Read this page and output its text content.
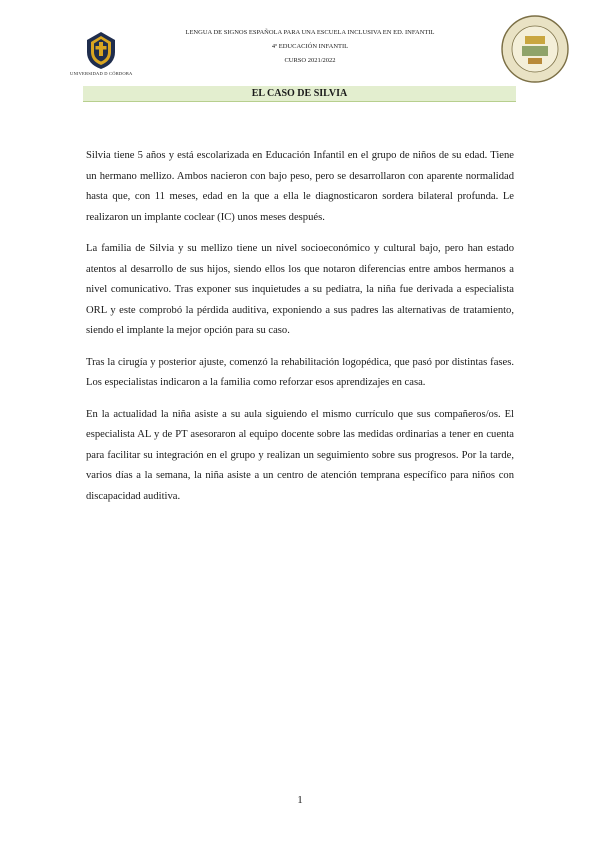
UNIVERSIDAD D CÓRDOBA
LENGUA DE SIGNOS ESPAÑOLA PARA UNA ESCUELA INCLUSIVA EN ED. INFANTIL
4º EDUCACIÓN INFANTIL
CURSO 2021/2022
EL CASO DE SILVIA

Silvia tiene 5 años y está escolarizada en Educación Infantil en el grupo de niños de su edad. Tiene un hermano mellizo. Ambos nacieron con bajo peso, pero se desarrollaron con aparente normalidad hasta que, con 11 meses, edad en la que a ella le diagnosticaron sordera bilateral profunda. Le realizaron un implante coclear (IC) unos meses después.

La familia de Silvia y su mellizo tiene un nivel socioeconómico y cultural bajo, pero han estado atentos al desarrollo de sus hijos, siendo ellos los que notaron diferencias entre ambos hermanos a nivel comunicativo. Tras exponer sus inquietudes a su pediatra, la niña fue derivada a especialista ORL y este comprobó la pérdida auditiva, exponiendo a sus padres las alternativas de tratamiento, siendo el implante la mejor opción para su caso.

Tras la cirugía y posterior ajuste, comenzó la rehabilitación logopédica, que pasó por distintas fases. Los especialistas indicaron a la familia como reforzar esos aprendizajes en casa.

En la actualidad la niña asiste a su aula siguiendo el mismo currículo que sus compañeros/os. El especialista AL y de PT asesoraron al equipo docente sobre las medidas ordinarias a tener en cuenta para facilitar su integración en el grupo y realizan un seguimiento sobre sus progresos. Por la tarde, varios días a la semana, la niña asiste a un centro de atención temprana específico para niños con discapacidad auditiva.

1
